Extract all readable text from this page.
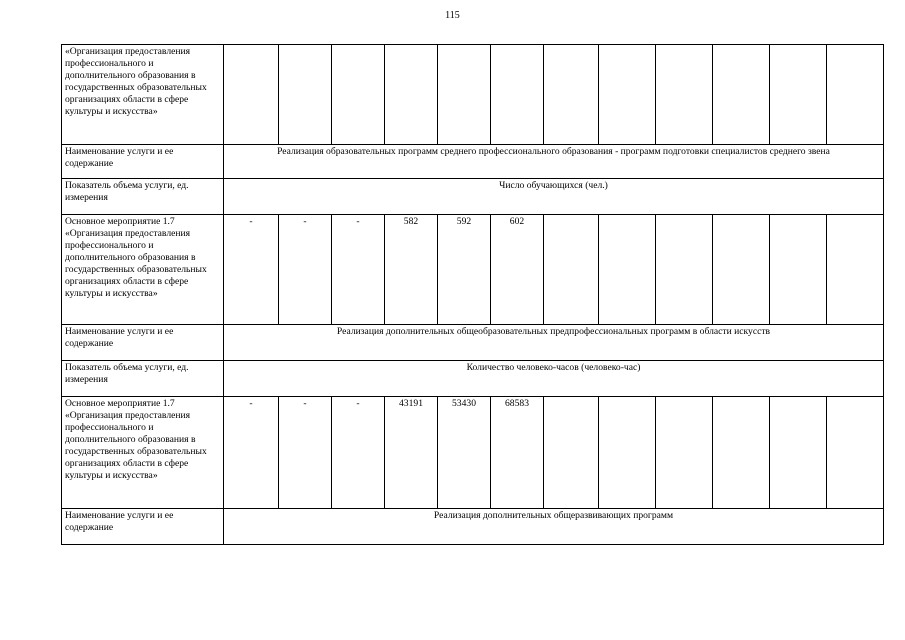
115
«Организация предоставления профессионального и дополнительного образования в государственных образовательных организациях области в сфере культуры и искусства»												
Наименование услуги и ее содержание	Реализация образовательных программ среднего профессионального образования - программ подготовки специалистов среднего звена											
Показатель объема услуги, ед. измерения	Число обучающихся (чел.)											
Основное мероприятие 1.7 «Организация предоставления профессионального и дополнительного образования в государственных образовательных организациях области в сфере культуры и искусства»	-	-	-	582	592	602						
Наименование услуги и ее содержание	Реализация дополнительных общеобразовательных предпрофессиональных программ в области искусств											
Показатель объема услуги, ед. измерения	Количество человеко-часов (человеко-час)											
Основное мероприятие 1.7 «Организация предоставления профессионального и дополнительного образования в государственных образовательных организациях области в сфере культуры и искусства»	-	-	-	43191	53430	68583						
Наименование услуги и ее содержание	Реализация дополнительных общеразвивающих программ											
